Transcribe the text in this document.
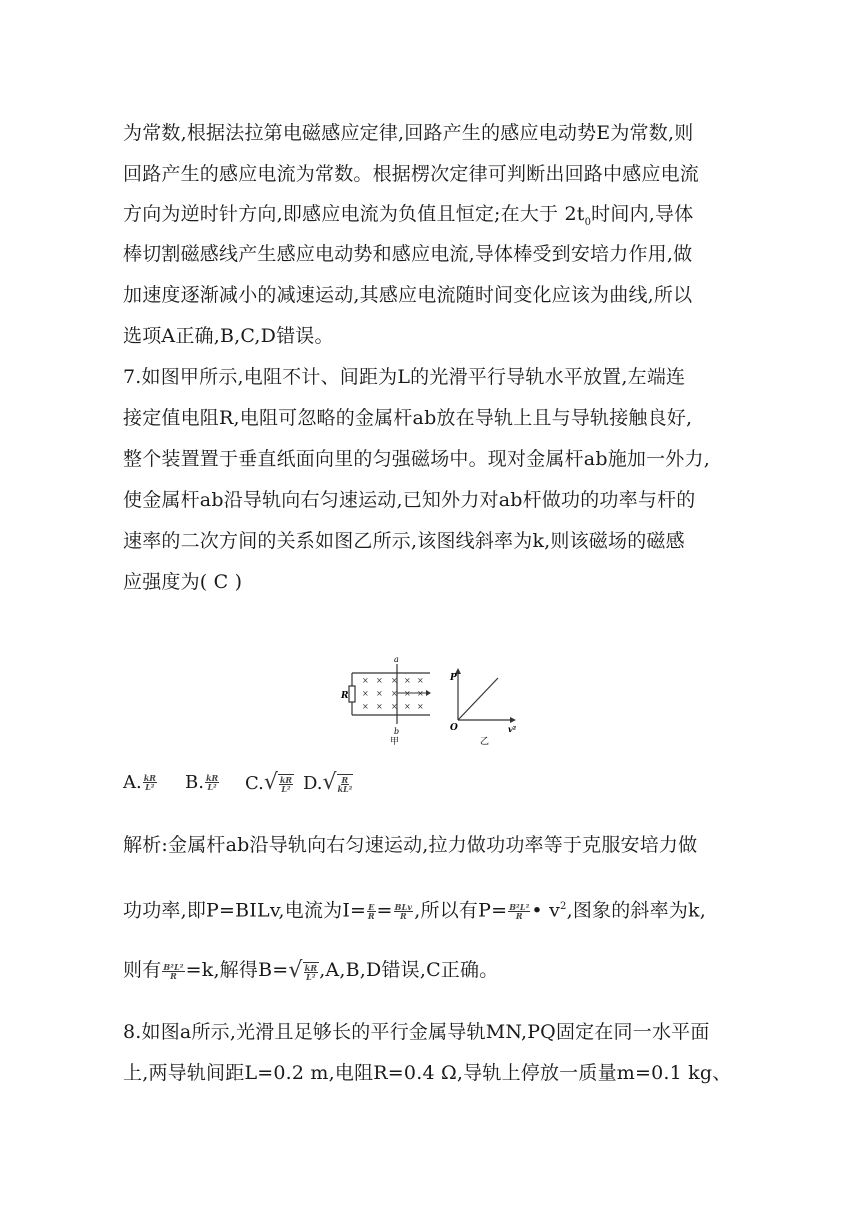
为常数,根据法拉第电磁感应定律,回路产生的感应电动势E为常数,则
回路产生的感应电流为常数。根据楞次定律可判断出回路中感应电流
方向为逆时针方向,即感应电流为负值且恒定;在大于 $2t_0$时间内,导体
棒切割磁感线产生感应电动势和感应电流,导体棒受到安培力作用,做
加速度逐渐减小的减速运动,其感应电流随时间变化应该为曲线,所以
选项A正确,B,C,D错误。
7.如图甲所示,电阻不计、间距为L的光滑平行导轨水平放置,左端连
接定值电阻R,电阻可忽略的金属杆ab放在导轨上且与导轨接触良好,
整个装置置于垂直纸面向里的匀强磁场中。现对金属杆ab施加一外力,
使金属杆ab沿导轨向右匀速运动,已知外力对ab杆做功的功率与杆的
速率的二次方间的关系如图乙所示,该图线斜率为k,则该磁场的磁感
应强度为( C )
R
a
b
× × × × ×
× × × × ×
× × × × ×
甲
P
O	v²
乙
A. $\frac{kR}{\text{L²}} B$. $\frac{kR}{\text{L²}} C$. √ $\frac{kR}{\text{L²}} D$. √ $\frac{R}{\text{kL²}}$
解析:金属杆ab沿导轨向右匀速运动,拉力做功功率等于克服安培力做
功功率,即P=BILv,电流为$I= \frac{E}{R} = \frac{\text{BLv}}{R}$ ,所以有$P= \frac{\text{B²L²}}{R}$ • $v^2$,图象的斜率为k,
则有 $\frac{\text{B²L²}}{R} =k$,解得B= √ $\frac{kR}{\text{L²}} ,A,B,D$错误,C正确。
8.如图a所示,光滑且足够长的平行金属导轨MN,PQ固定在同一水平面
上,两导轨间距L=0.2 m,电阻R=0.4 Ω,导轨上停放一质量m=0.1 kg、
